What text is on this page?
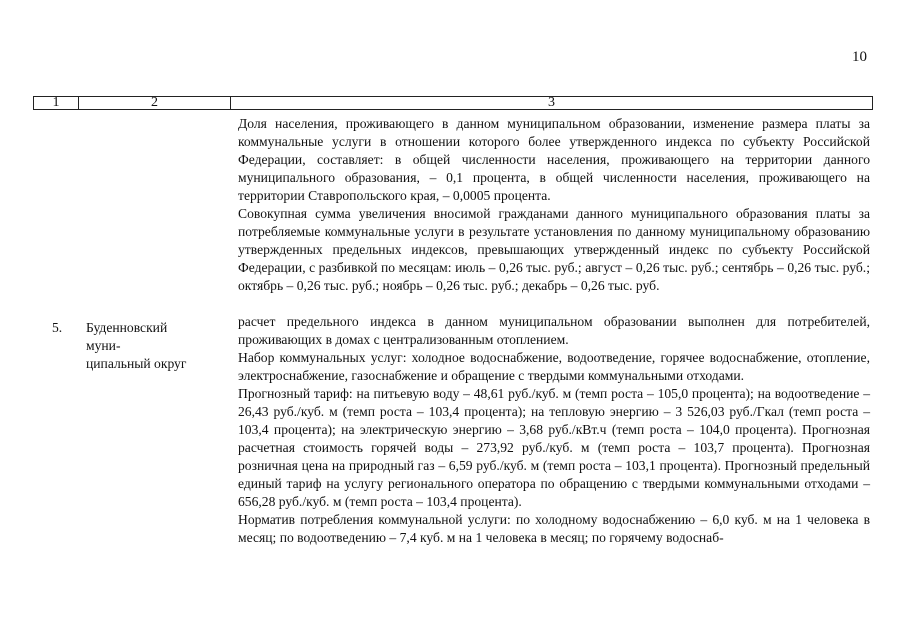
10
1	2	3
5. Буденновский
муни-
ципальный округ

Доля населения, проживающего в данном муниципальном образовании, изменение размера платы за коммунальные услуги в отношении которого более утвержденного индекса по субъекту Российской Федерации, составляет: в общей численности населения, проживающего на территории данного муниципального образования, – 0,1 процента, в общей численности населения, проживающего на территории Ставропольского края, – 0,0005 процента.

Совокупная сумма увеличения вносимой гражданами данного муниципального образования платы за потребляемые коммунальные услуги в результате установления по данному муниципальному образованию утвержденных предельных индексов, превышающих утвержденный индекс по субъекту Российской Федерации, с разбивкой по месяцам: июль – 0,26 тыс. руб.; август – 0,26 тыс. руб.; сентябрь – 0,26 тыс. руб.; октябрь – 0,26 тыс. руб.; ноябрь – 0,26 тыс. руб.; декабрь – 0,26 тыс. руб.

расчет предельного индекса в данном муниципальном образовании выполнен для потребителей, проживающих в домах с централизованным отоплением.

Набор коммунальных услуг: холодное водоснабжение, водоотведение, горячее водоснабжение, отопление, электроснабжение, газоснабжение и обращение с твердыми коммунальными отходами.

Прогнозный тариф: на питьевую воду – 48,61 руб./куб. м (темп роста – 105,0 процента); на водоотведение – 26,43 руб./куб. м (темп роста – 103,4 процента); на тепловую энергию – 3 526,03 руб./Гкал (темп роста – 103,4 процента); на электрическую энергию – 3,68 руб./кВт.ч (темп роста – 104,0 процента). Прогнозная расчетная стоимость горячей воды – 273,92 руб./куб. м (темп роста – 103,7 процента). Прогнозная розничная цена на природный газ – 6,59 руб./куб. м (темп роста – 103,1 процента). Прогнозный предельный единый тариф на услугу регионального оператора по обращению с твердыми коммунальными отходами – 656,28 руб./куб. м (темп роста – 103,4 процента).

Норматив потребления коммунальной услуги: по холодному водоснабжению – 6,0 куб. м на 1 человека в месяц; по водоотведению – 7,4 куб. м на 1 человека в месяц; по горячему водоснаб-
